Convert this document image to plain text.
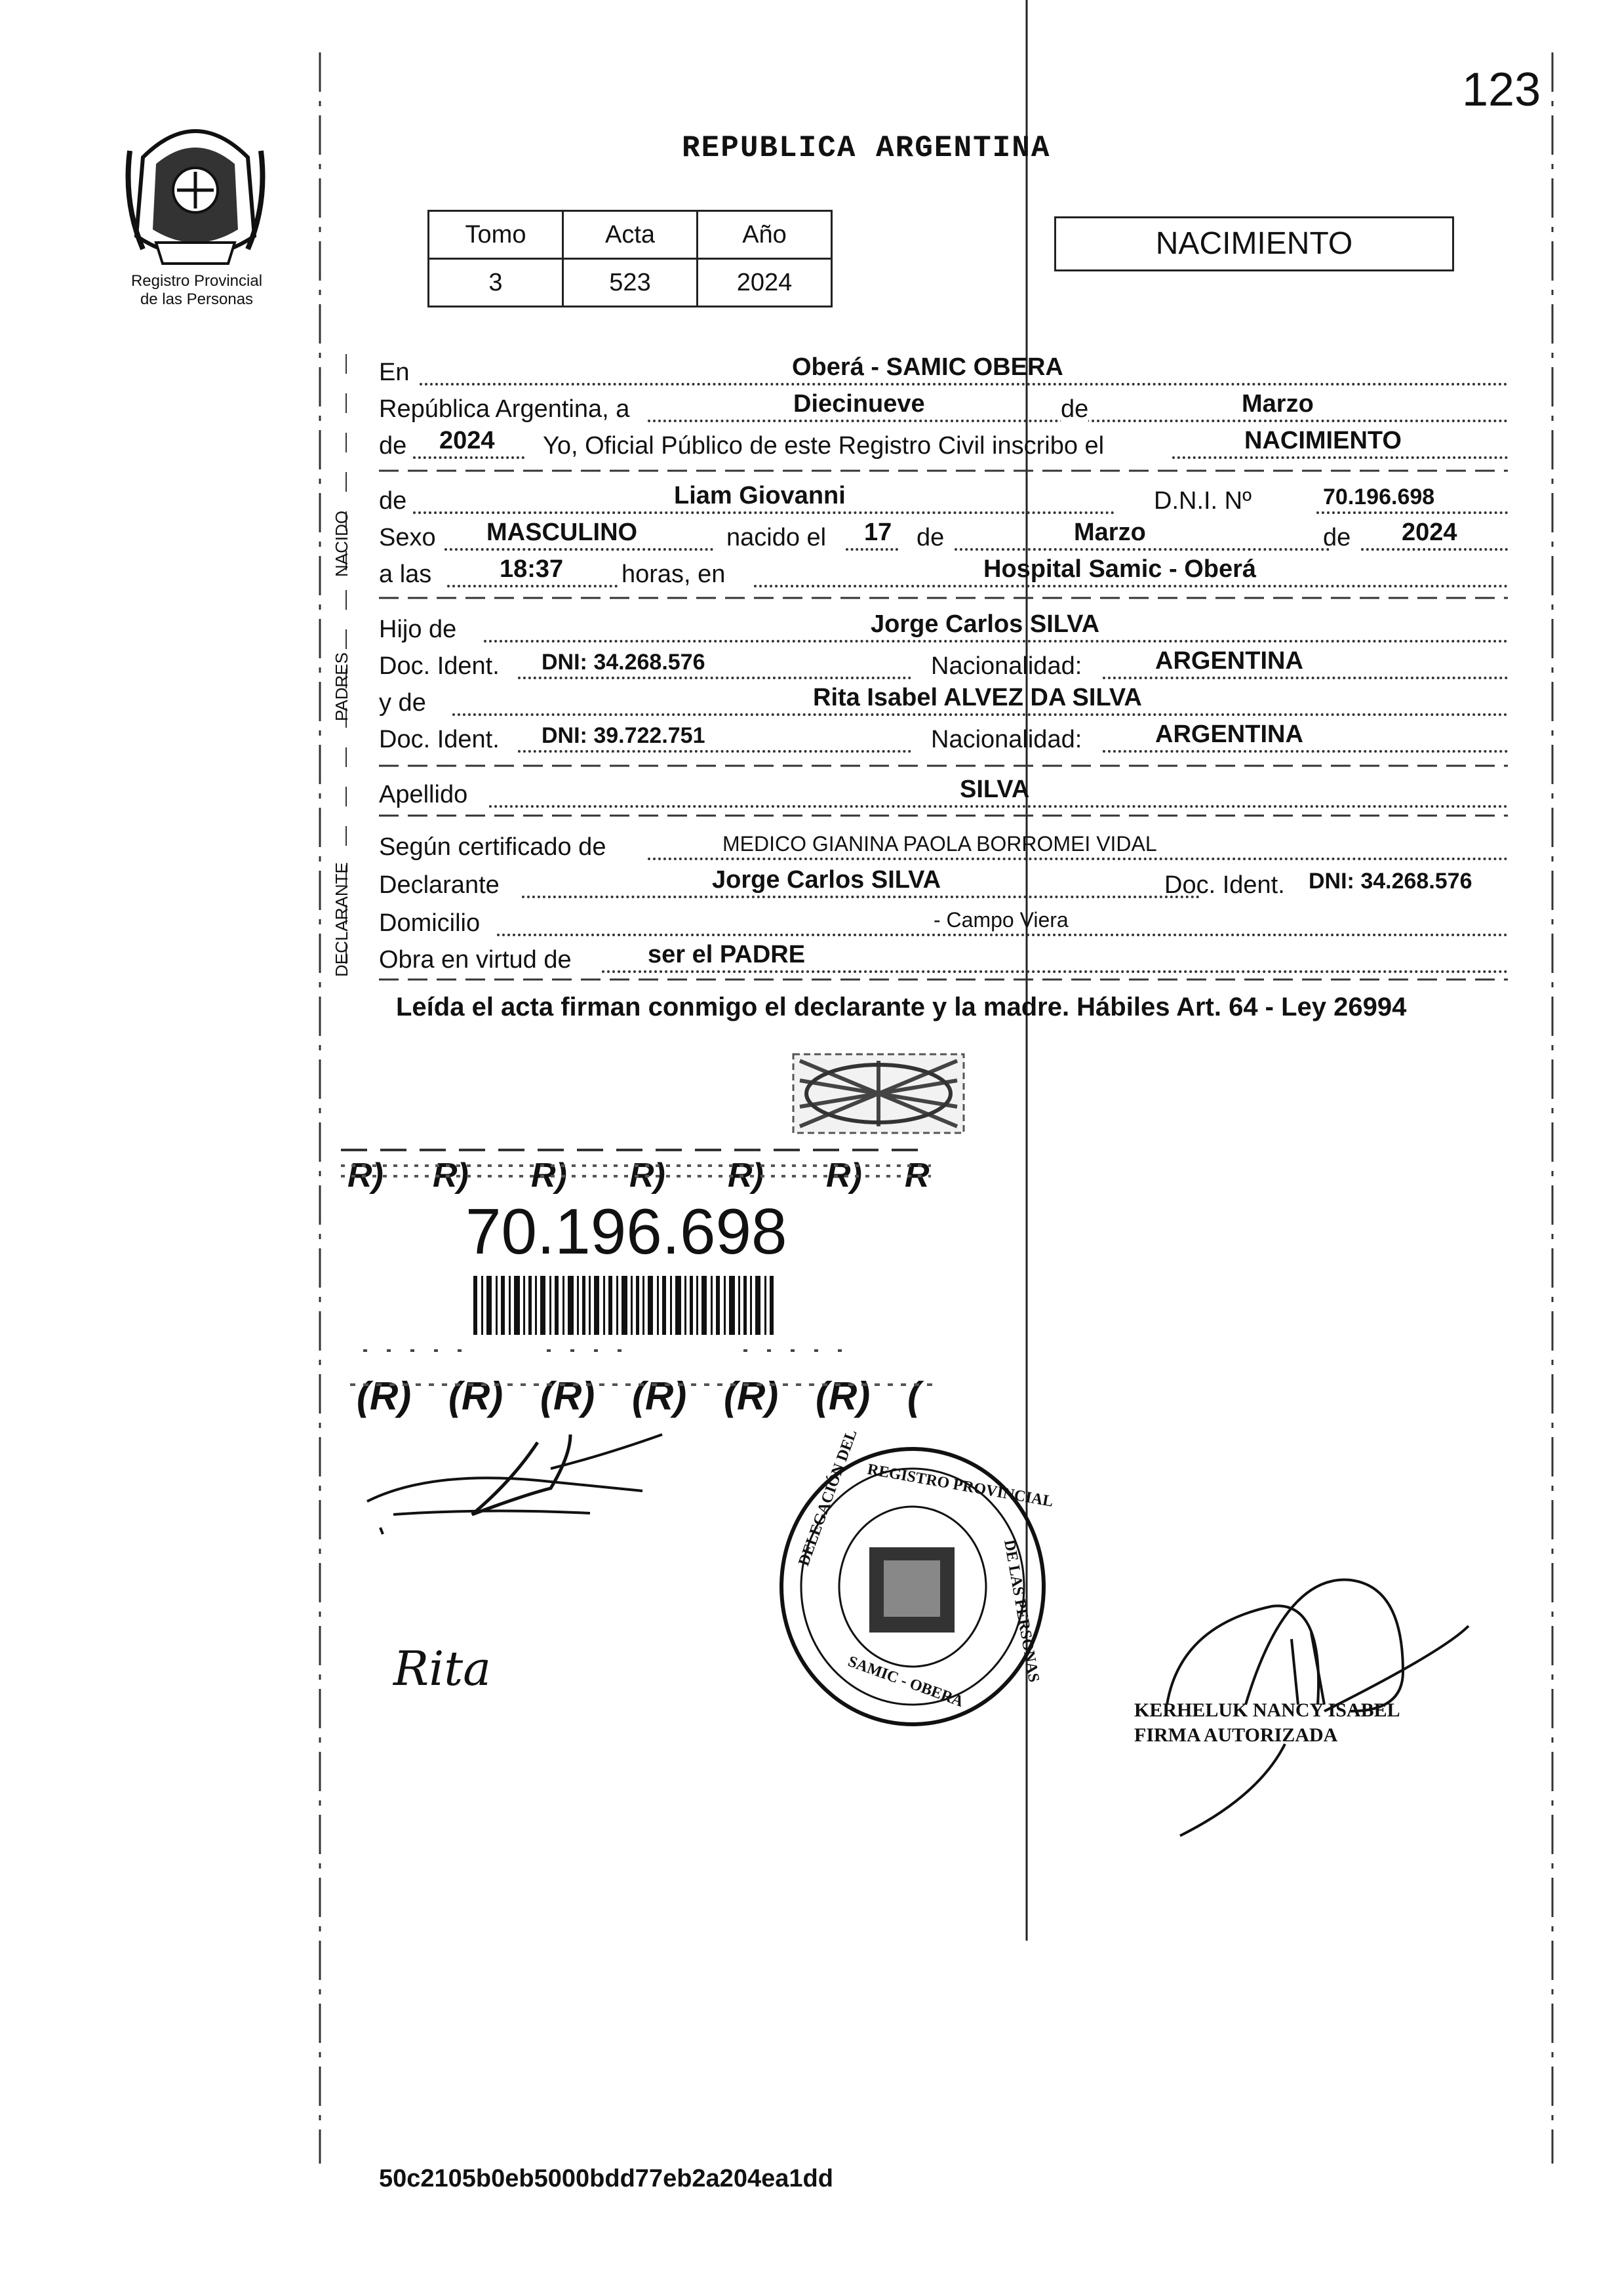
123
Registro Provincial
de las Personas
REPUBLICA ARGENTINA
Tomo	Acta	Año
3	523	2024
NACIMIENTO
En	Oberá - SAMIC OBERA
República Argentina, a	Diecinueve	de	Marzo
de 2024 Yo, Oficial Público de este Registro Civil inscribo el	NACIMIENTO
NACIDO
de	Liam Giovanni	D.N.I. Nº	70.196.698
Sexo MASCULINO	nacido el 17 de	Marzo	de 2024
a las	18:37 horas, en	Hospital Samic - Oberá
PADRES
Hijo de	Jorge Carlos SILVA
Doc. Ident. DNI: 34.268.576	Nacionalidad:	ARGENTINA
y de	Rita Isabel ALVEZ DA SILVA
Doc. Ident. DNI: 39.722.751	Nacionalidad:	ARGENTINA
Apellido	SILVA
DECLARANTE
Según certificado de	MEDICO GIANINA PAOLA BORROMEI VIDAL
Declarante	Jorge Carlos SILVA	Doc. Ident. DNI: 34.268.576
Domicilio	- Campo Viera
Obra en virtud de	ser el PADRE
Leída el acta firman conmigo el declarante y la madre. Hábiles Art. 64 - Ley 26994
R) R) R) R) R) R) R
70.196.698
(R) (R) (R) (R) (R) (R) (
Rita
DELEGACIÓN DEL REGISTRO PROVINCIAL
DE LAS PERSONAS
SAMIC - OBERA	KERHELUK NANCY ISABEL
FIRMA AUTORIZADA
50c2105b0eb5000bdd77eb2a204ea1dd
